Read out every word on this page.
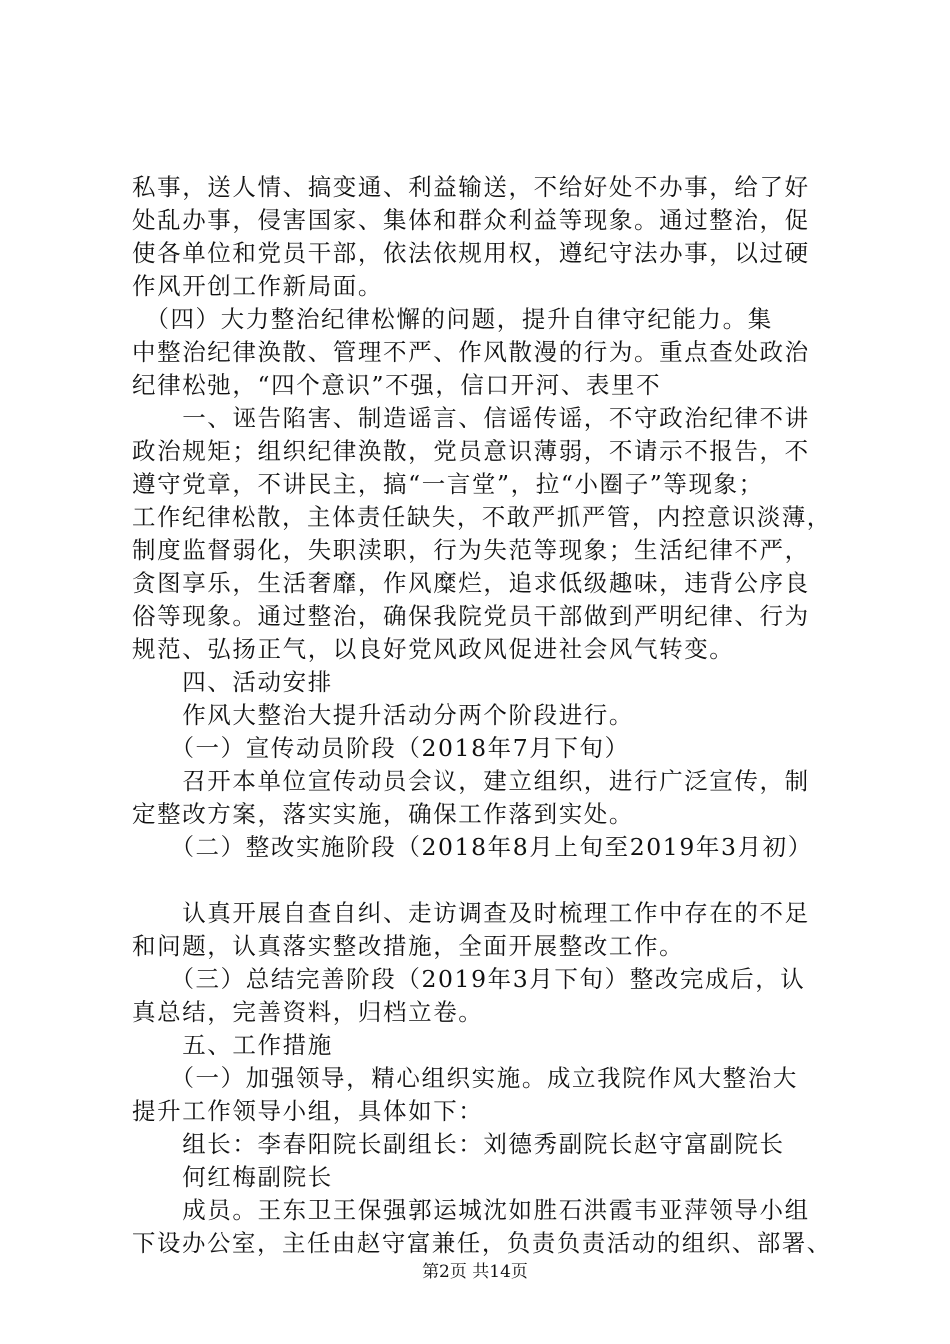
私事，送人情、搞变通、利益输送，不给好处不办事，给了好
处乱办事，侵害国家、集体和群众利益等现象。通过整治，促
使各单位和党员干部，依法依规用权，遵纪守法办事，以过硬
作风开创工作新局面。
　（四）大力整治纪律松懈的问题，提升自律守纪能力。集
中整治纪律涣散、管理不严、作风散漫的行为。重点查处政治
纪律松弛，“四个意识”不强，信口开河、表里不
　　一、诬告陷害、制造谣言、信谣传谣，不守政治纪律不讲
政治规矩；组织纪律涣散，党员意识薄弱，不请示不报告，不
遵守党章，不讲民主，搞“一言堂”，拉“小圈子”等现象；
工作纪律松散，主体责任缺失，不敢严抓严管，内控意识淡薄，
制度监督弱化，失职渎职，行为失范等现象；生活纪律不严，
贪图享乐，生活奢靡，作风糜烂，追求低级趣味，违背公序良
俗等现象。通过整治，确保我院党员干部做到严明纪律、行为
规范、弘扬正气，以良好党风政风促进社会风气转变。
　　四、活动安排
　　作风大整治大提升活动分两个阶段进行。
　　（一）宣传动员阶段（2018年7月下旬）
　　召开本单位宣传动员会议，建立组织，进行广泛宣传，制
定整改方案，落实实施，确保工作落到实处。
　　（二）整改实施阶段（2018年8月上旬至2019年3月初）
　　认真开展自查自纠、走访调查及时梳理工作中存在的不足
和问题，认真落实整改措施，全面开展整改工作。
　　（三）总结完善阶段（2019年3月下旬）整改完成后，认
真总结，完善资料，归档立卷。
　　五、工作措施
　　（一）加强领导，精心组织实施。成立我院作风大整治大
提升工作领导小组，具体如下：
　　组长：李春阳院长副组长：刘德秀副院长赵守富副院长
　　何红梅副院长
　　成员。王东卫王保强郭运城沈如胜石洪霞韦亚萍领导小组
下设办公室，主任由赵守富兼任，负责负责活动的组织、部署、
第2页 共14页
